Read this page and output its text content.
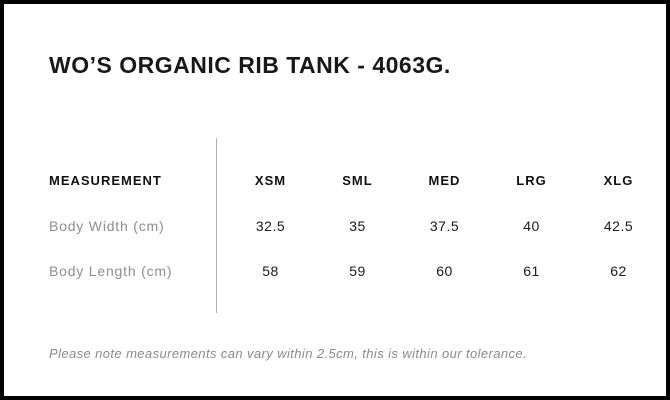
WO’S ORGANIC RIB TANK - 4063G.
MEASUREMENT	XSM	SML	MED	LRG	XLG
Body Width (cm)	32.5	35	37.5	40	42.5
Body Length (cm)	58	59	60	61	62

Please note measurements can vary within 2.5cm, this is within our tolerance.
